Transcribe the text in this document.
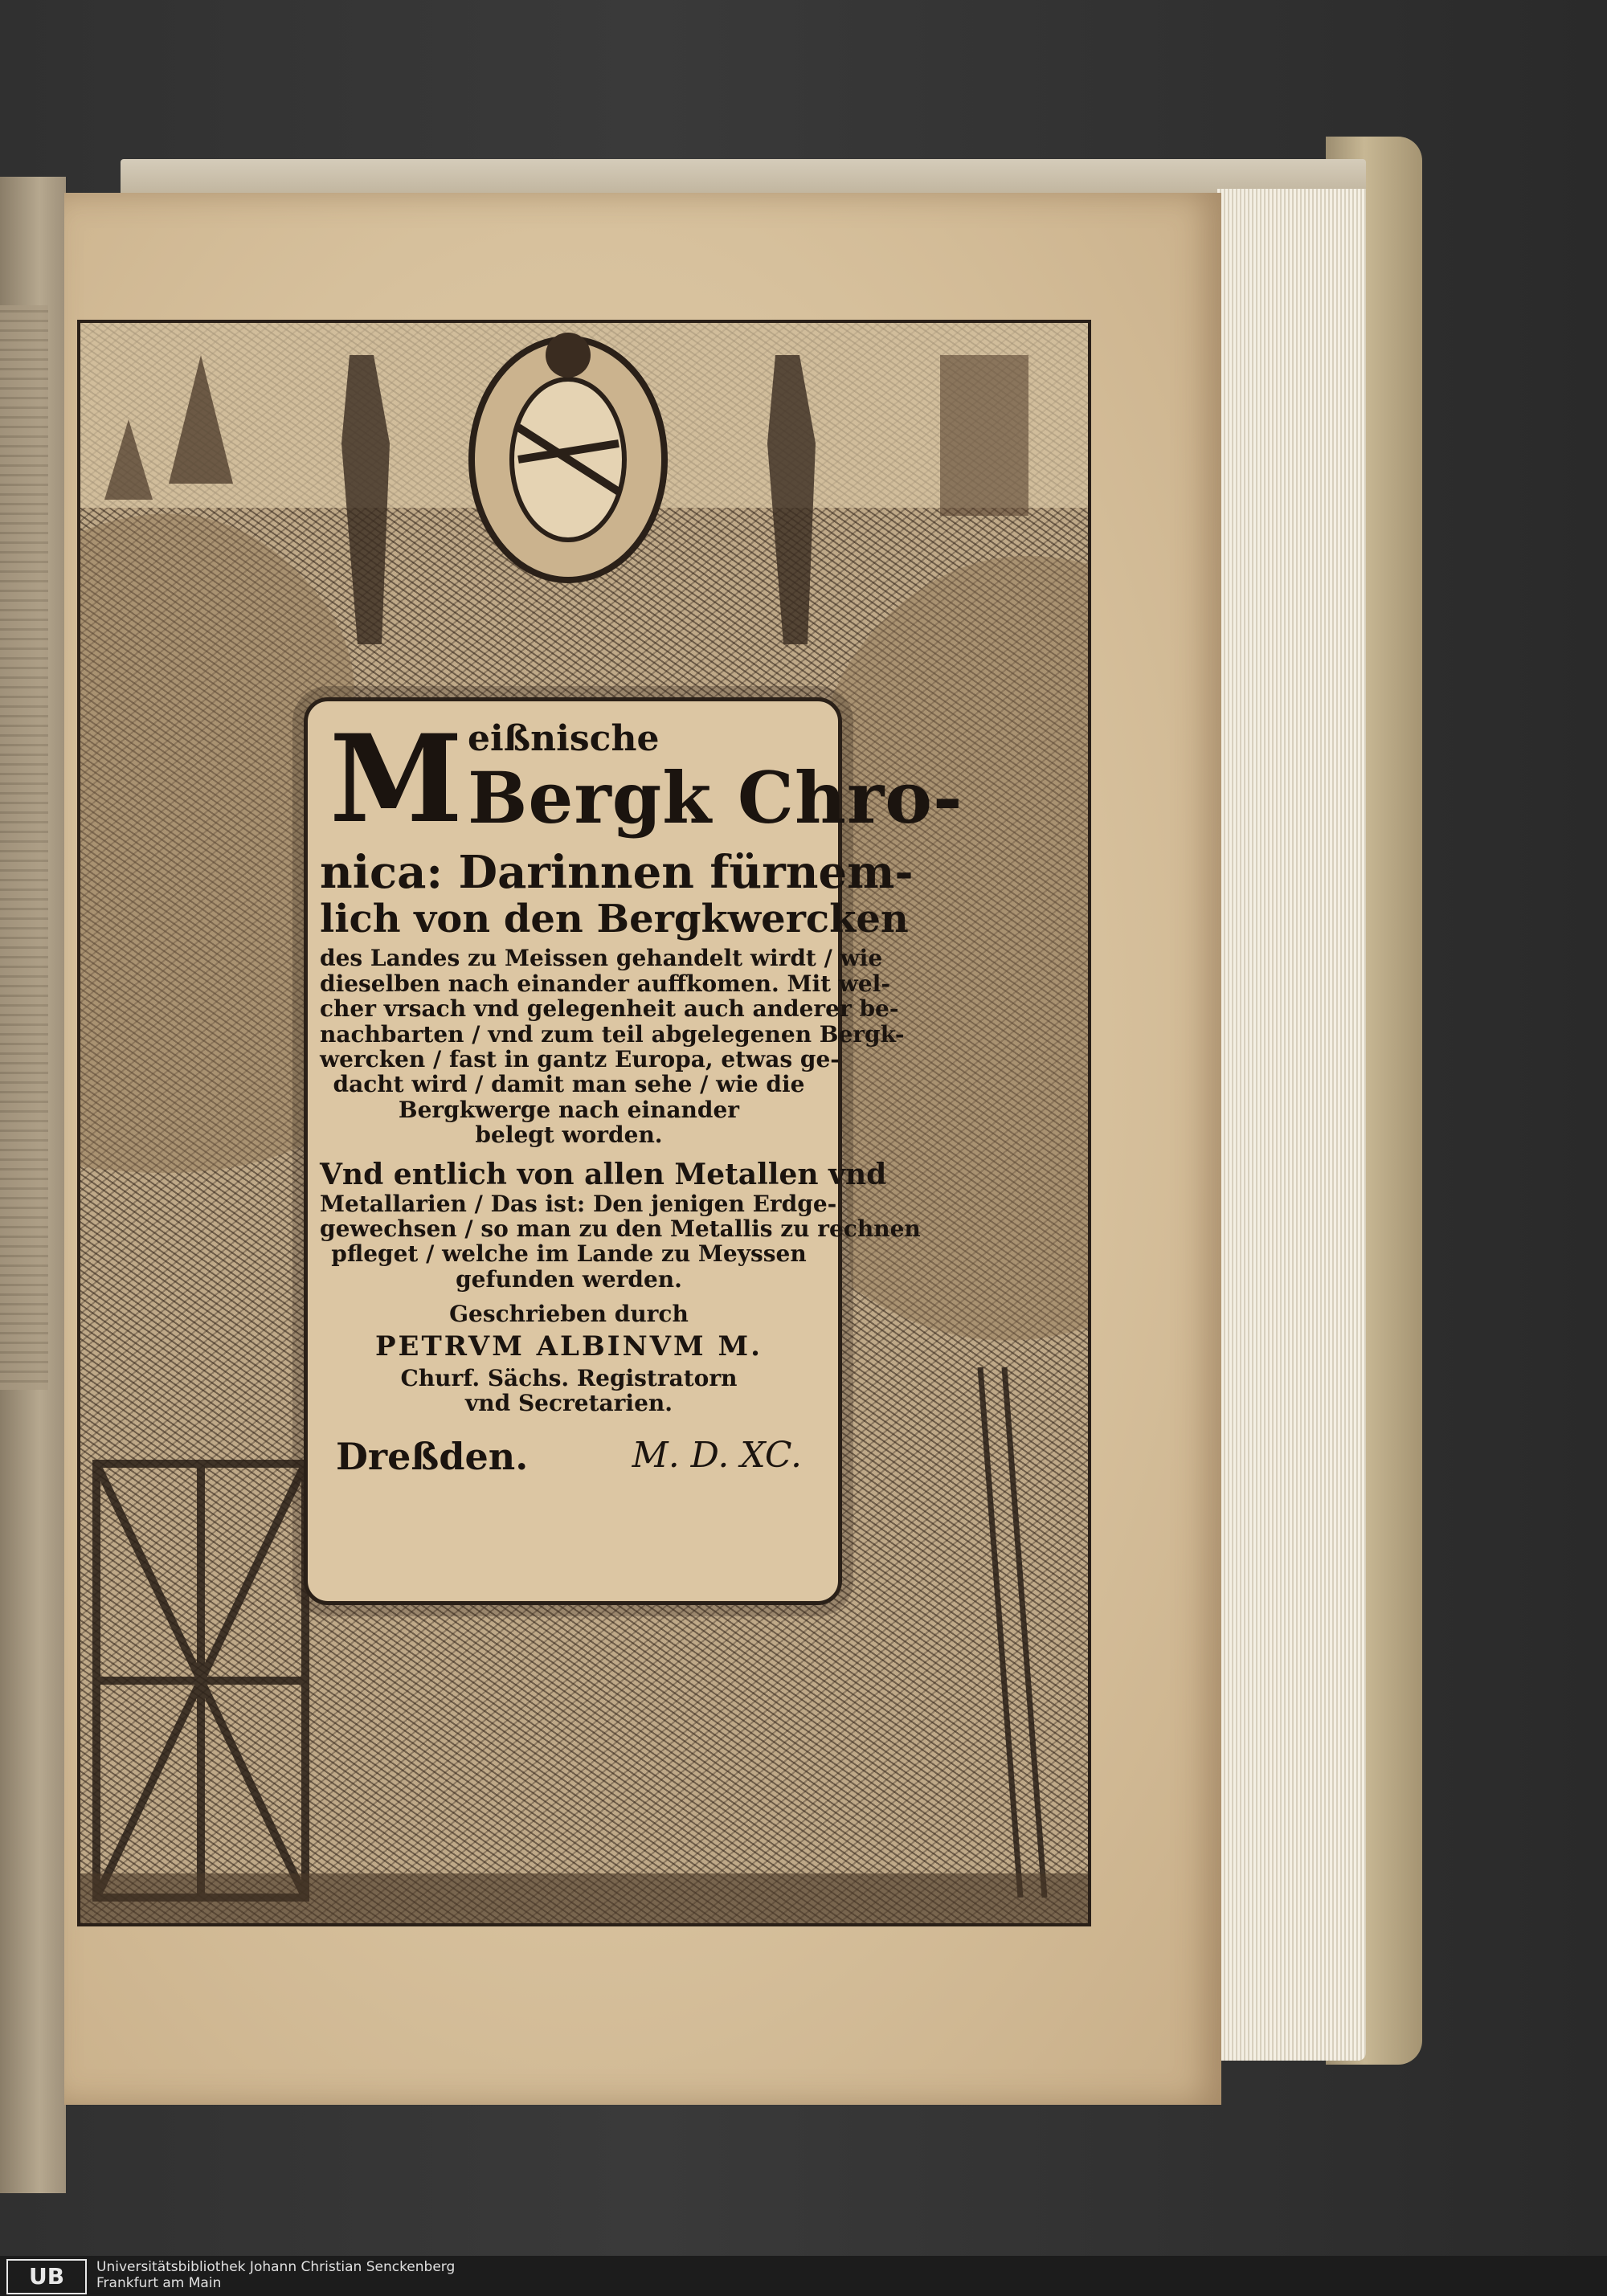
M eißnische
Bergk Chro-
nica: Darinnen fürnem-
lich von den Bergkwercken
des Landes zu Meissen gehandelt wirdt / wie
dieselben nach einander auffkomen. Mit wel-
cher vrsach vnd gelegenheit auch anderer be-
nachbarten / vnd zum teil abgelegenen Bergk-
wercken / fast in gantz Europa, etwas ge-
dacht wird / damit man sehe / wie die
Bergkwerge nach einander
belegt worden.
Vnd entlich von allen Metallen vnd
Metallarien / Das ist: Den jenigen Erdge-
gewechsen / so man zu den Metallis zu rechnen
pfleget / welche im Lande zu Meyssen
gefunden werden.
Geschrieben durch
PETRVM ALBINVM M.
Churf. Sächs. Registratorn
vnd Secretarien.
Dreßden.	M. D. XC.
UB	Universitätsbibliothek Johann Christian Senckenberg
Frankfurt am Main
